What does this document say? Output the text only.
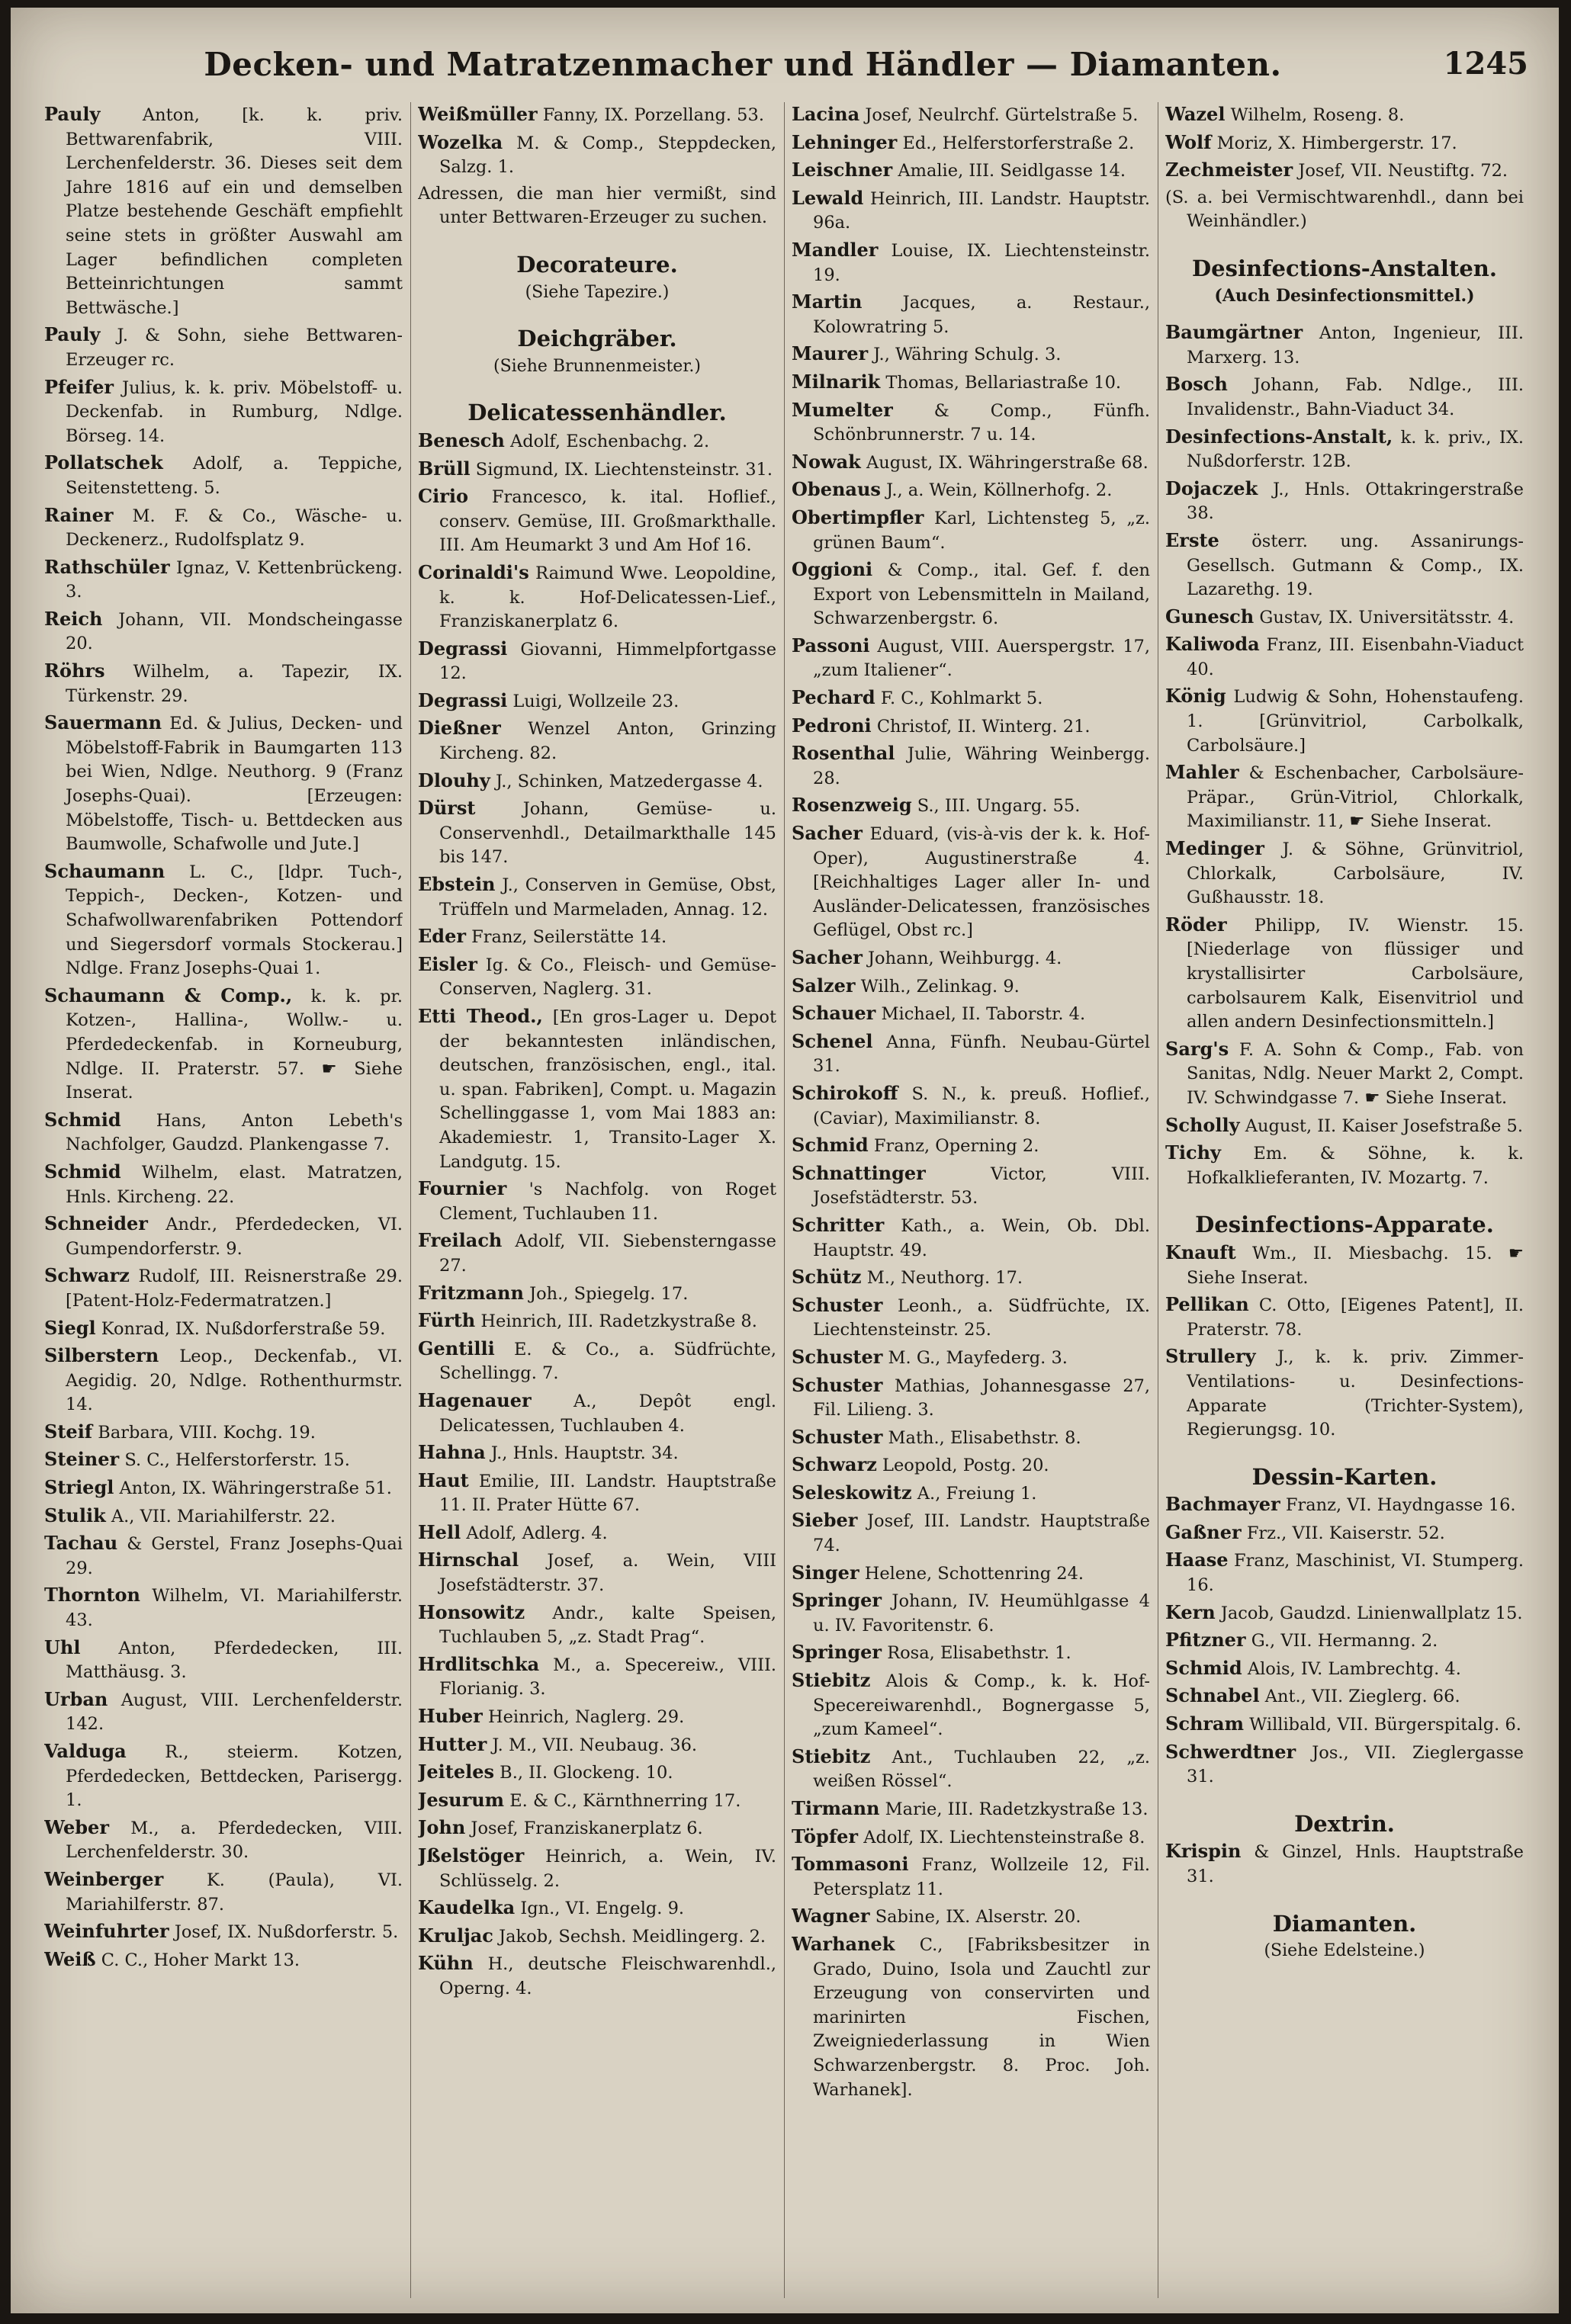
Decken- und Matratzenmacher und Händler — Diamanten.	1245
Pauly Anton, [k. k. priv. Bettwarenfabrik, VIII. Lerchenfelderstr. 36. Dieses seit dem Jahre 1816 auf ein und demselben Platze bestehende Geschäft empfiehlt seine stets in größter Auswahl am Lager befindlichen completen Betteinrichtungen sammt Bettwäsche.]
Pauly J. & Sohn, siehe Bettwaren-Erzeuger rc.
Pfeifer Julius, k. k. priv. Möbelstoff- u. Deckenfab. in Rumburg, Ndlge. Börseg. 14.
Pollatschek Adolf, a. Teppiche, Seitenstetteng. 5.
Rainer M. F. & Co., Wäsche- u. Deckenerz., Rudolfsplatz 9.
Rathschüler Ignaz, V. Kettenbrückeng. 3.
Reich Johann, VII. Mondscheingasse 20.
Röhrs Wilhelm, a. Tapezir, IX. Türkenstr. 29.
Sauermann Ed. & Julius, Decken- und Möbelstoff-Fabrik in Baumgarten 113 bei Wien, Ndlge. Neuthorg. 9 (Franz Josephs-Quai). [Erzeugen: Möbelstoffe, Tisch- u. Bettdecken aus Baumwolle, Schafwolle und Jute.]
Schaumann L. C., [ldpr. Tuch-, Teppich-, Decken-, Kotzen- und Schafwollwarenfabriken Pottendorf und Siegersdorf vormals Stockerau.] Ndlge. Franz Josephs-Quai 1.
Schaumann & Comp., k. k. pr. Kotzen-, Hallina-, Wollw.- u. Pferdedeckenfab. in Korneuburg, Ndlge. II. Praterstr. 57. ☛ Siehe Inserat.
Schmid Hans, Anton Lebeth's Nachfolger, Gaudzd. Plankengasse 7.
Schmid Wilhelm, elast. Matratzen, Hnls. Kircheng. 22.
Schneider Andr., Pferdedecken, VI. Gumpendorferstr. 9.
Schwarz Rudolf, III. Reisnerstraße 29. [Patent-Holz-Federmatratzen.]
Siegl Konrad, IX. Nußdorferstraße 59.
Silberstern Leop., Deckenfab., VI. Aegidig. 20, Ndlge. Rothenthurmstr. 14.
Steif Barbara, VIII. Kochg. 19.
Steiner S. C., Helferstorferstr. 15.
Striegl Anton, IX. Währingerstraße 51.
Stulik A., VII. Mariahilferstr. 22.
Tachau & Gerstel, Franz Josephs-Quai 29.
Thornton Wilhelm, VI. Mariahilferstr. 43.
Uhl Anton, Pferdedecken, III. Matthäusg. 3.
Urban August, VIII. Lerchenfelderstr. 142.
Valduga R., steierm. Kotzen, Pferdedecken, Bettdecken, Parisergg. 1.
Weber M., a. Pferdedecken, VIII. Lerchenfelderstr. 30.
Weinberger	K. (Paula), VI. Mariahilferstr. 87.
Weinfuhrter Josef, IX. Nußdorferstr. 5.
Weiß C. C., Hoher Markt 13.
Weißmüller Fanny, IX. Porzellang. 53.
Wozelka M. & Comp., Steppdecken, Salzg. 1.
Adressen, die man hier vermißt, sind unter Bettwaren-Erzeuger zu suchen.
Decorateure.
(Siehe Tapezire.)
Deichgräber.
(Siehe Brunnenmeister.)
Delicatessenhändler.
Benesch Adolf, Eschenbachg. 2.
Brüll Sigmund, IX. Liechtensteinstr. 31.
Cirio Francesco, k. ital. Hoflief., conserv. Gemüse, III. Großmarkthalle. III. Am Heumarkt 3 und Am Hof 16.
Corinaldi's Raimund Wwe. Leopoldine, k. k. Hof-Delicatessen-Lief., Franziskanerplatz 6.
Degrassi Giovanni, Himmelpfortgasse 12.
Degrassi Luigi, Wollzeile 23.
Dießner Wenzel Anton, Grinzing Kircheng. 82.
Dlouhy J., Schinken, Matzedergasse 4.
Dürst	Johann, Gemüse- u. Conservenhdl., Detailmarkthalle 145 bis 147.
Ebstein J., Conserven in Gemüse, Obst, Trüffeln und Marmeladen, Annag. 12.
Eder Franz, Seilerstätte 14.
Eisler Ig. & Co., Fleisch- und Gemüse-Conserven, Naglerg. 31.
Etti Theod., [En gros-Lager u. Depot der bekanntesten inländischen, deutschen, französischen, engl., ital. u. span. Fabriken], Compt. u. Magazin Schellinggasse 1, vom Mai 1883 an: Akademiestr. 1, Transito-Lager X. Landgutg. 15.
Fournier 's Nachfolg. von Roget Clement, Tuchlauben 11.
Freilach Adolf, VII. Siebensterngasse 27.
Fritzmann Joh., Spiegelg. 17.
Fürth Heinrich, III. Radetzkystraße 8.
Gentilli E. & Co., a. Südfrüchte, Schellingg. 7.
Hagenauer A., Depôt engl. Delicatessen, Tuchlauben 4.
Hahna J., Hnls. Hauptstr. 34.
Haut Emilie, III. Landstr. Hauptstraße 11. II. Prater Hütte 67.
Hell Adolf, Adlerg. 4.
Hirnschal Josef, a. Wein, VIII Josefstädterstr. 37.
Honsowitz Andr., kalte Speisen, Tuchlauben 5, „z. Stadt Prag“.
Hrdlitschka M., a. Specereiw., VIII. Florianig. 3.
Huber Heinrich, Naglerg. 29.
Hutter J. M., VII. Neubaug. 36.
Jeiteles B., II. Glockeng. 10.
Jesurum E. & C., Kärnthnerring 17.
John Josef, Franziskanerplatz 6.
Jßelstöger Heinrich, a. Wein, IV. Schlüsselg. 2.
Kaudelka Ign., VI. Engelg. 9.
Kruljac Jakob, Sechsh. Meidlingerg. 2.
Kühn H., deutsche Fleischwarenhdl., Operng. 4.
Lacina Josef, Neulrchf. Gürtelstraße 5.
Lehninger Ed., Helferstorferstraße 2.
Leischner Amalie, III. Seidlgasse 14.
Lewald Heinrich, III. Landstr. Hauptstr. 96a.
Mandler Louise, IX. Liechtensteinstr. 19.
Martin Jacques, a. Restaur., Kolowratring 5.
Maurer J., Währing Schulg. 3.
Milnarik Thomas, Bellariastraße 10.
Mumelter & Comp., Fünfh. Schönbrunnerstr. 7 u. 14.
Nowak August, IX. Währingerstraße 68.
Obenaus J., a. Wein, Köllnerhofg. 2.
Obertimpfler Karl, Lichtensteg 5, „z. grünen Baum“.
Oggioni & Comp., ital. Gef. f. den Export von Lebensmitteln in Mailand, Schwarzenbergstr. 6.
Passoni August, VIII. Auerspergstr. 17, „zum Italiener“.
Pechard F. C., Kohlmarkt 5.
Pedroni Christof, II. Winterg. 21.
Rosenthal Julie, Währing Weinbergg. 28.
Rosenzweig S., III. Ungarg. 55.
Sacher Eduard, (vis-à-vis der k. k. Hof-Oper), Augustinerstraße 4. [Reichhaltiges Lager aller In- und Ausländer-Delicatessen, französisches Geflügel, Obst rc.]
Sacher Johann, Weihburgg. 4.
Salzer Wilh., Zelinkag. 9.
Schauer Michael, II. Taborstr. 4.
Schenel Anna, Fünfh. Neubau-Gürtel 31.
Schirokoff S. N., k. preuß. Hoflief., (Caviar), Maximilianstr. 8.
Schmid Franz, Operning 2.
Schnattinger	Victor, VIII. Josefstädterstr. 53.
Schritter Kath., a. Wein, Ob. Dbl. Hauptstr. 49.
Schütz M., Neuthorg. 17.
Schuster Leonh., a. Südfrüchte, IX. Liechtensteinstr. 25.
Schuster M. G., Mayfederg. 3.
Schuster Mathias, Johannesgasse 27, Fil. Lilieng. 3.
Schuster Math., Elisabethstr. 8.
Schwarz Leopold, Postg. 20.
Seleskowitz A., Freiung 1.
Sieber Josef, III. Landstr. Hauptstraße 74.
Singer Helene, Schottenring 24.
Springer Johann, IV. Heumühlgasse 4 u. IV. Favoritenstr. 6.
Springer Rosa, Elisabethstr. 1.
Stiebitz Alois & Comp., k. k. Hof-Specereiwarenhdl., Bognergasse 5, „zum Kameel“.
Stiebitz Ant., Tuchlauben 22, „z. weißen Rössel“.
Tirmann Marie, III. Radetzkystraße 13.
Töpfer Adolf, IX. Liechtensteinstraße 8.
Tommasoni Franz, Wollzeile 12, Fil. Petersplatz 11.
Wagner Sabine, IX. Alserstr. 20.
Warhanek C., [Fabriksbesitzer in Grado, Duino, Isola und Zauchtl zur Erzeugung von conservirten und marinirten Fischen, Zweigniederlassung in Wien Schwarzenbergstr. 8. Proc. Joh. Warhanek].
Wazel Wilhelm, Roseng. 8.
Wolf Moriz, X. Himbergerstr. 17.
Zechmeister Josef, VII. Neustiftg. 72.
(S. a. bei Vermischtwarenhdl., dann bei Weinhändler.)
Desinfections-Anstalten.
(Auch Desinfectionsmittel.)
Baumgärtner Anton, Ingenieur, III. Marxerg. 13.
Bosch Johann, Fab. Ndlge., III. Invalidenstr., Bahn-Viaduct 34.
Desinfections-Anstalt, k. k. priv., IX. Nußdorferstr. 12B.
Dojaczek J., Hnls. Ottakringerstraße 38.
Erste österr. ung. Assanirungs-Gesellsch. Gutmann & Comp., IX. Lazarethg. 19.
Gunesch Gustav, IX. Universitätsstr. 4.
Kaliwoda Franz, III. Eisenbahn-Viaduct 40.
König Ludwig & Sohn, Hohenstaufeng. 1. [Grünvitriol, Carbolkalk, Carbolsäure.]
Mahler & Eschenbacher, Carbolsäure-Präpar., Grün-Vitriol, Chlorkalk, Maximilianstr. 11, ☛ Siehe Inserat.
Medinger J. & Söhne, Grünvitriol, Chlorkalk, Carbolsäure, IV. Gußhausstr. 18.
Röder Philipp, IV. Wienstr. 15. [Niederlage von flüssiger und krystallisirter Carbolsäure, carbolsaurem Kalk, Eisenvitriol und allen andern Desinfectionsmitteln.]
Sarg's F. A. Sohn & Comp., Fab. von Sanitas, Ndlg. Neuer Markt 2, Compt. IV. Schwindgasse 7. ☛ Siehe Inserat.
Scholly August, II. Kaiser Josefstraße 5.
Tichy Em. & Söhne, k. k. Hofkalklieferanten, IV. Mozartg. 7.
Desinfections-Apparate.
Knauft Wm., II. Miesbachg. 15. ☛ Siehe Inserat.
Pellikan C. Otto, [Eigenes Patent], II. Praterstr. 78.
Strullery J., k. k. priv. Zimmer-Ventilations- u. Desinfections-Apparate (Trichter-System), Regierungsg. 10.
Dessin-Karten.
Bachmayer Franz, VI. Haydngasse 16.
Gaßner Frz., VII. Kaiserstr. 52.
Haase Franz, Maschinist, VI. Stumperg. 16.
Kern Jacob, Gaudzd. Linienwallplatz 15.
Pfitzner G., VII. Hermanng. 2.
Schmid Alois, IV. Lambrechtg. 4.
Schnabel Ant., VII. Zieglerg. 66.
Schram Willibald, VII. Bürgerspitalg. 6.
Schwerdtner Jos., VII. Zieglergasse 31.
Dextrin.
Krispin & Ginzel, Hnls. Hauptstraße 31.
Diamanten.
(Siehe Edelsteine.)
